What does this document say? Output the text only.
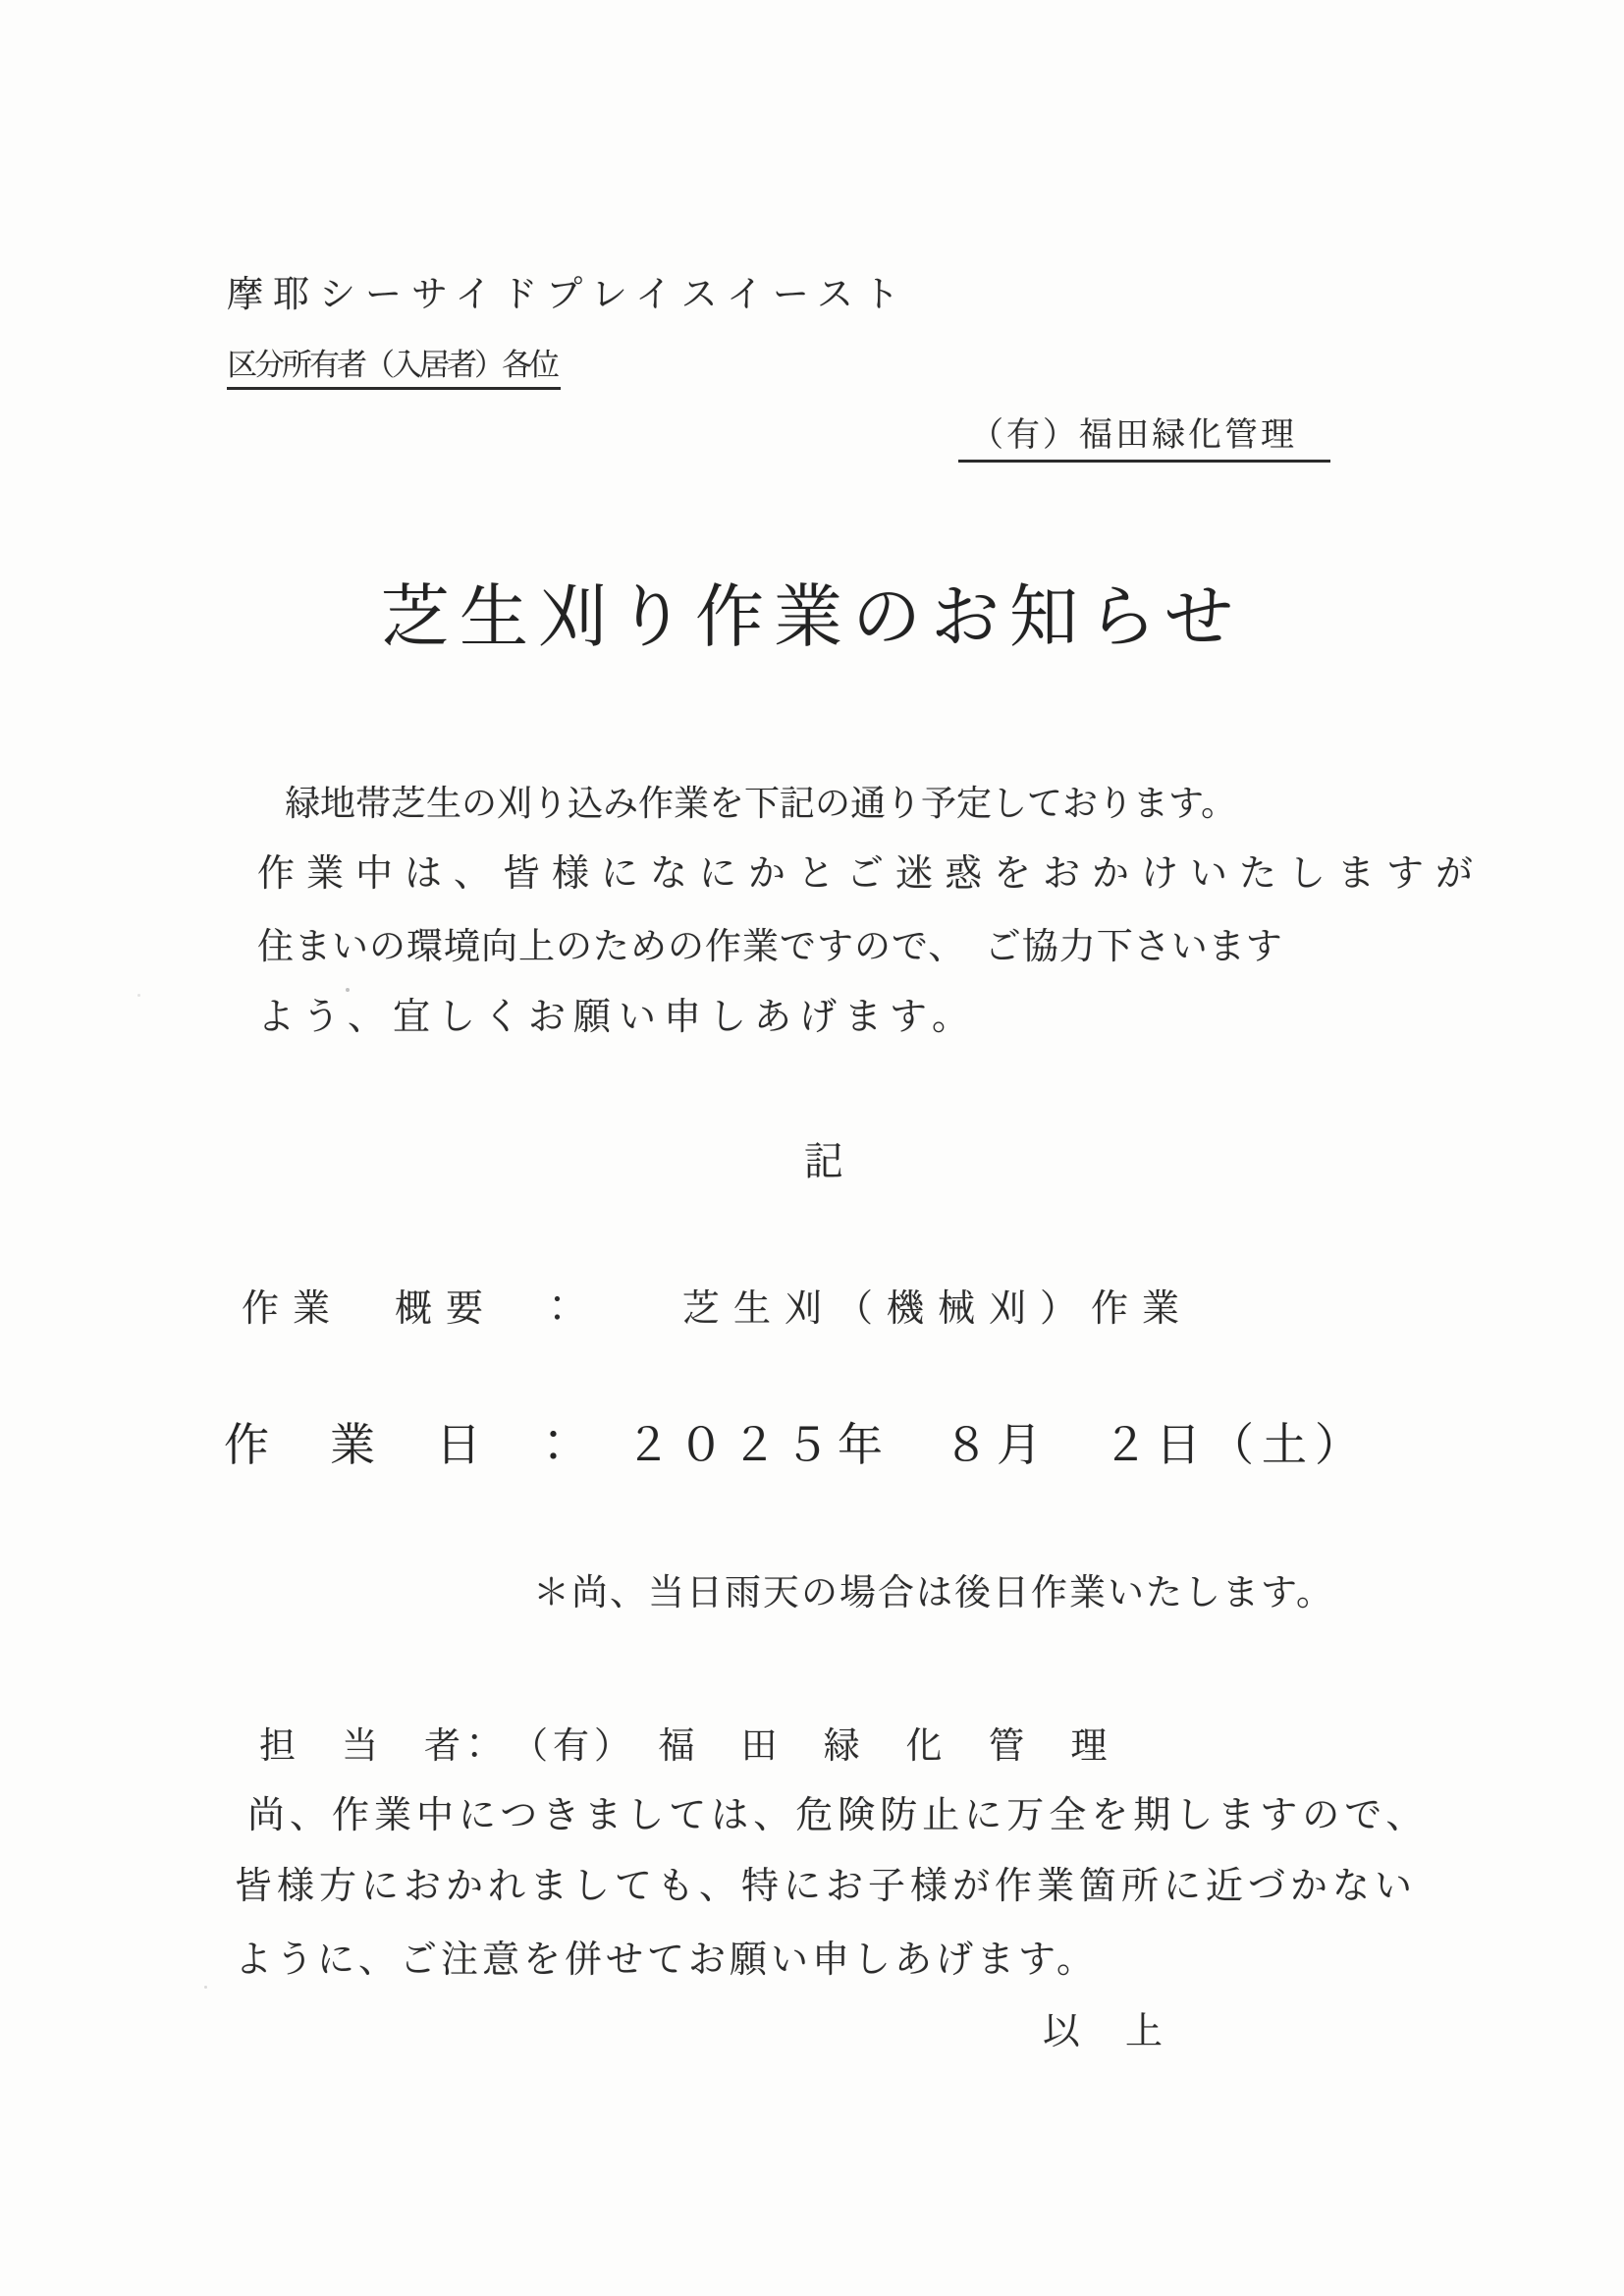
摩耶シーサイドプレイスイースト
区分所有者（入居者）各位
（有）福田緑化管理
芝生刈り作業のお知らせ
緑地帯芝生の刈り込み作業を下記の通り予定しております。
作業中は、皆様になにかとご迷惑をおかけいたしますが
住まいの環境向上のための作業ですので、　ご協力下さいます
よう、宜しくお願い申しあげます。
記
作業　概要　：　　芝生刈（機械刈）作業
作　業　日　：　２０２５年　８月　２日（土）
＊尚、当日雨天の場合は後日作業いたします。
担　当　者：　（有）　福　田　緑　化　管　理
尚、作業中につきましては、危険防止に万全を期しますので、
皆様方におかれましても、特にお子様が作業箇所に近づかない
ように、ご注意を併せてお願い申しあげます。
以　上
